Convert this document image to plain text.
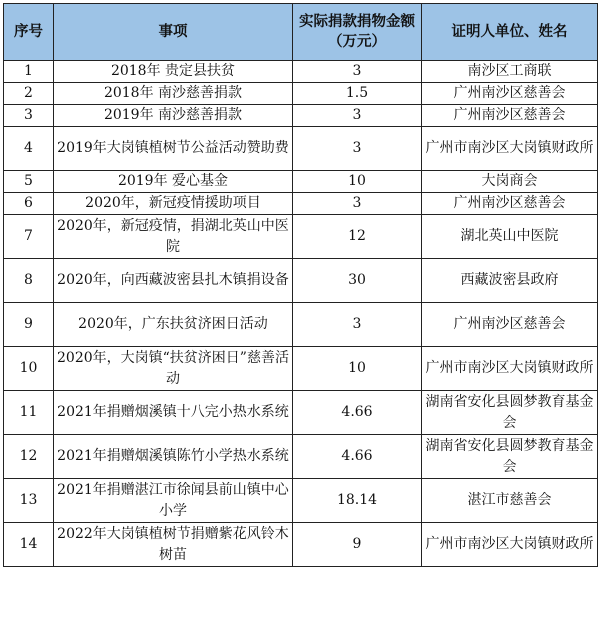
序号	事项	实际捐款捐物金额（万元）	证明人单位、姓名
1	2018年 贵定县扶贫	3	南沙区工商联
2	2018年 南沙慈善捐款	1.5	广州南沙区慈善会
3	2019年 南沙慈善捐款	3	广州南沙区慈善会
4	2019年大岗镇植树节公益活动赞助费	3	广州市南沙区大岗镇财政所
5	2019年 爱心基金	10	大岗商会
6	2020年，新冠疫情援助项目	3	广州南沙区慈善会
7	2020年，新冠疫情，捐湖北英山中医院	12	湖北英山中医院
8	2020年，向西藏波密县扎木镇捐设备	30	西藏波密县政府
9	2020年，广东扶贫济困日活动	3	广州南沙区慈善会
10	2020年，大岗镇“扶贫济困日”慈善活动	10	广州市南沙区大岗镇财政所
11	2021年捐赠烟溪镇十八完小热水系统	4.66	湖南省安化县圆梦教育基金会
12	2021年捐赠烟溪镇陈竹小学热水系统	4.66	湖南省安化县圆梦教育基金会
13	2021年捐赠湛江市徐闻县前山镇中心小学	18.14	湛江市慈善会
14	2022年大岗镇植树节捐赠紫花风铃木树苗	9	广州市南沙区大岗镇财政所
